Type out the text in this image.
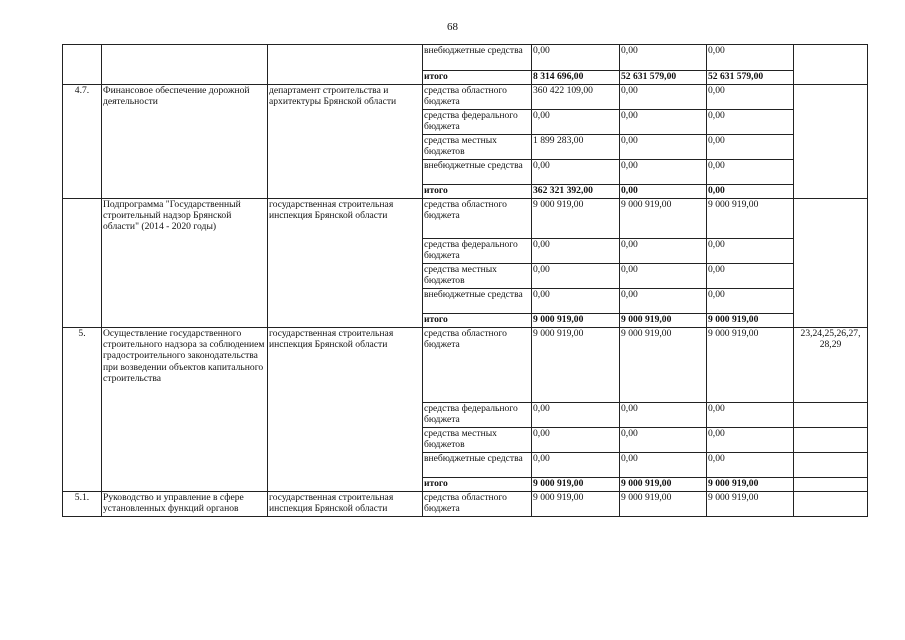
68
			внебюджетные средства	0,00	0,00	0,00	
			итого	8 314 696,00	52 631 579,00	52 631 579,00	
4.7.	Финансовое обеспечение дорожной деятельности	департамент строительства и архитектуры Брянской области	средства областного бюджета	360 422 109,00	0,00	0,00	
			средства федерального бюджета	0,00	0,00	0,00	
			средства местных бюджетов	1 899 283,00	0,00	0,00	
			внебюджетные средства	0,00	0,00	0,00	
			итого	362 321 392,00	0,00	0,00	
	Подпрограмма "Государственный строительный надзор Брянской области" (2014 - 2020 годы)	государственная строительная инспекция Брянской области	средства областного бюджета	9 000 919,00	9 000 919,00	9 000 919,00	
			средства федерального бюджета	0,00	0,00	0,00	
			средства местных бюджетов	0,00	0,00	0,00	
			внебюджетные средства	0,00	0,00	0,00	
			итого	9 000 919,00	9 000 919,00	9 000 919,00	
5.	Осуществление государственного строительного надзора за соблюдением градостроительного законодательства при возведении объектов капитального строительства	государственная строительная инспекция Брянской области	средства областного бюджета	9 000 919,00	9 000 919,00	9 000 919,00	23,24,25,26,27, 28,29
			средства федерального бюджета	0,00	0,00	0,00	
			средства местных бюджетов	0,00	0,00	0,00	
			внебюджетные средства	0,00	0,00	0,00	
			итого	9 000 919,00	9 000 919,00	9 000 919,00	
5.1.	Руководство и управление в сфере установленных функций органов	государственная строительная инспекция Брянской области	средства областного бюджета	9 000 919,00	9 000 919,00	9 000 919,00	
